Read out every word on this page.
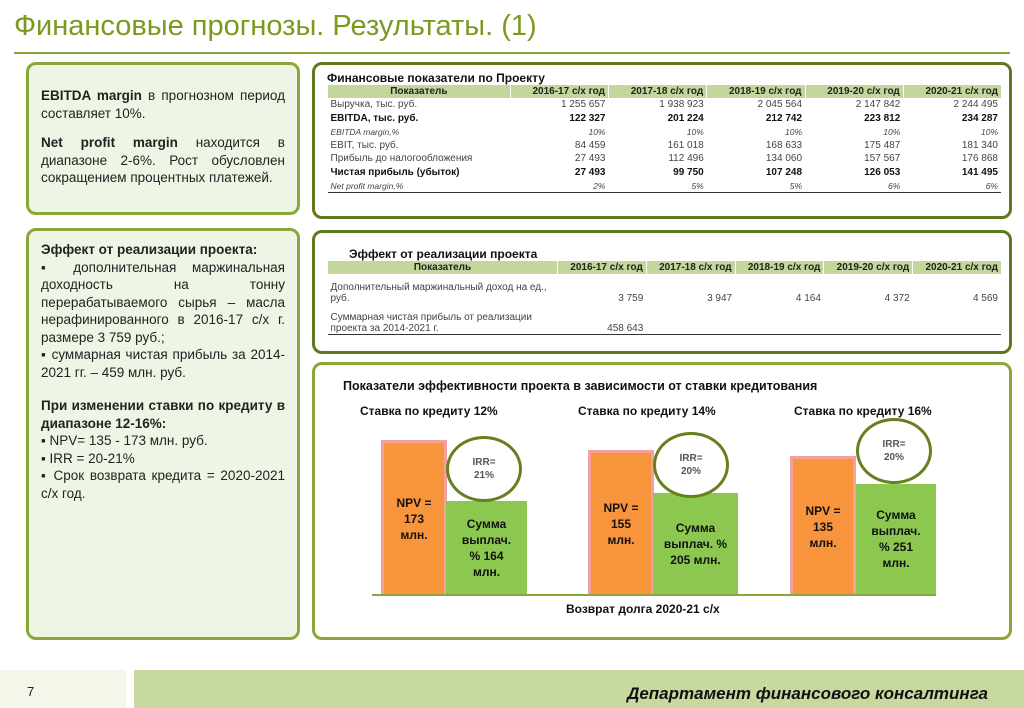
Финансовые прогнозы. Результаты. (1)

EBITDA margin в прогнозном период составляет 10%.

Net profit margin находится в диапазоне 2-6%. Рост обусловлен сокращением процентных платежей.

Эффект от реализации проекта:

▪ дополнительная маржинальная доходность на тонну перерабатываемого сырья – масла нерафинированного в 2016-17 с/х г. размере 3 759 руб.;

▪ суммарная чистая прибыль за 2014-2021 гг. – 459 млн. руб.

При изменении ставки по кредиту в диапазоне 12-16%:

▪ NPV= 135 - 173 млн. руб.

▪ IRR = 20-21%

▪ Срок возврата кредита = 2020-2021 с/х год.

Финансовые показатели по Проекту
Показатель	2016-17 с/х год	2017-18 с/х год	2018-19 с/х год	2019-20 с/х год	2020-21 с/х год
Выручка, тыс. руб.	1 255 657	1 938 923	2 045 564	2 147 842	2 244 495
EBITDA, тыс. руб.	122 327	201 224	212 742	223 812	234 287
EBITDA margin,%	10%	10%	10%	10%	10%
EBIT, тыс. руб.	84 459	161 018	168 633	175 487	181 340
Прибыль до налогообложения	27 493	112 496	134 060	157 567	176 868
Чистая прибыль (убыток)	27 493	99 750	107 248	126 053	141 495
Net profit margin,%	2%	5%	5%	6%	6%
Эффект от реализации проекта
Показатель	2016-17 с/х год	2017-18 с/х год	2018-19 с/х год	2019-20 с/х год	2020-21 с/х год
Дополнительный маржинальный доход на ед., руб.	3 759	3 947	4 164	4 372	4 569
Суммарная чистая прибыль от реализации проекта за 2014-2021 г.	458 643				
Показатели эффективности проекта в зависимости от ставки кредитования
Возврат долга 2020-21 с/х
Ставка по кредиту 12%
NPV = 173 млн.
Сумма выплач. % 164 млн.
IRR= 21%
Ставка по кредиту 14%
NPV = 155 млн.
Сумма выплач. % 205 млн.
IRR= 20%
Ставка по кредиту 16%
NPV = 135 млн.
Сумма выплач. % 251 млн.
IRR= 20%
7	Департамент финансового консалтинга
